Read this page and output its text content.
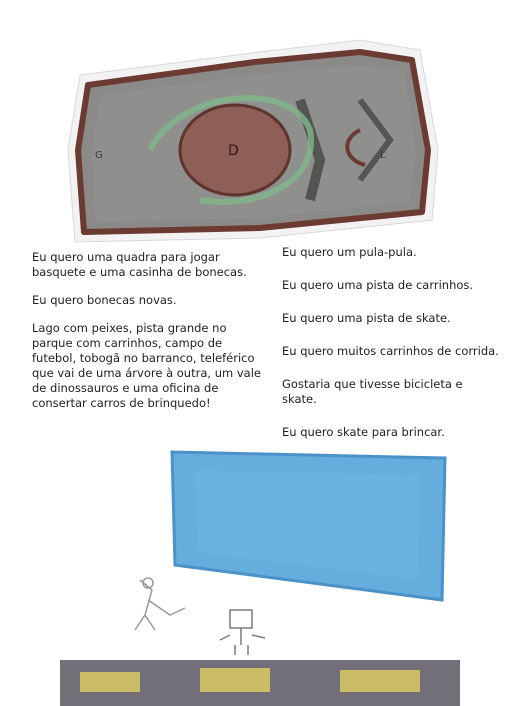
D
G	L

Eu quero uma quadra para jogar basquete e uma casinha de bonecas.

Eu quero bonecas novas.

Lago com peixes, pista grande no parque com carrinhos, campo de futebol, tobogã no barranco, teleférico que vai de uma árvore à outra, um vale de dinossauros e uma oficina de consertar carros de brinquedo!

Eu quero um pula-pula.

Eu quero uma pista de carrinhos.

Eu quero uma pista de skate.

Eu quero muitos carrinhos de corrida.

Gostaria que tivesse bicicleta e skate.

Eu quero skate para brincar.
